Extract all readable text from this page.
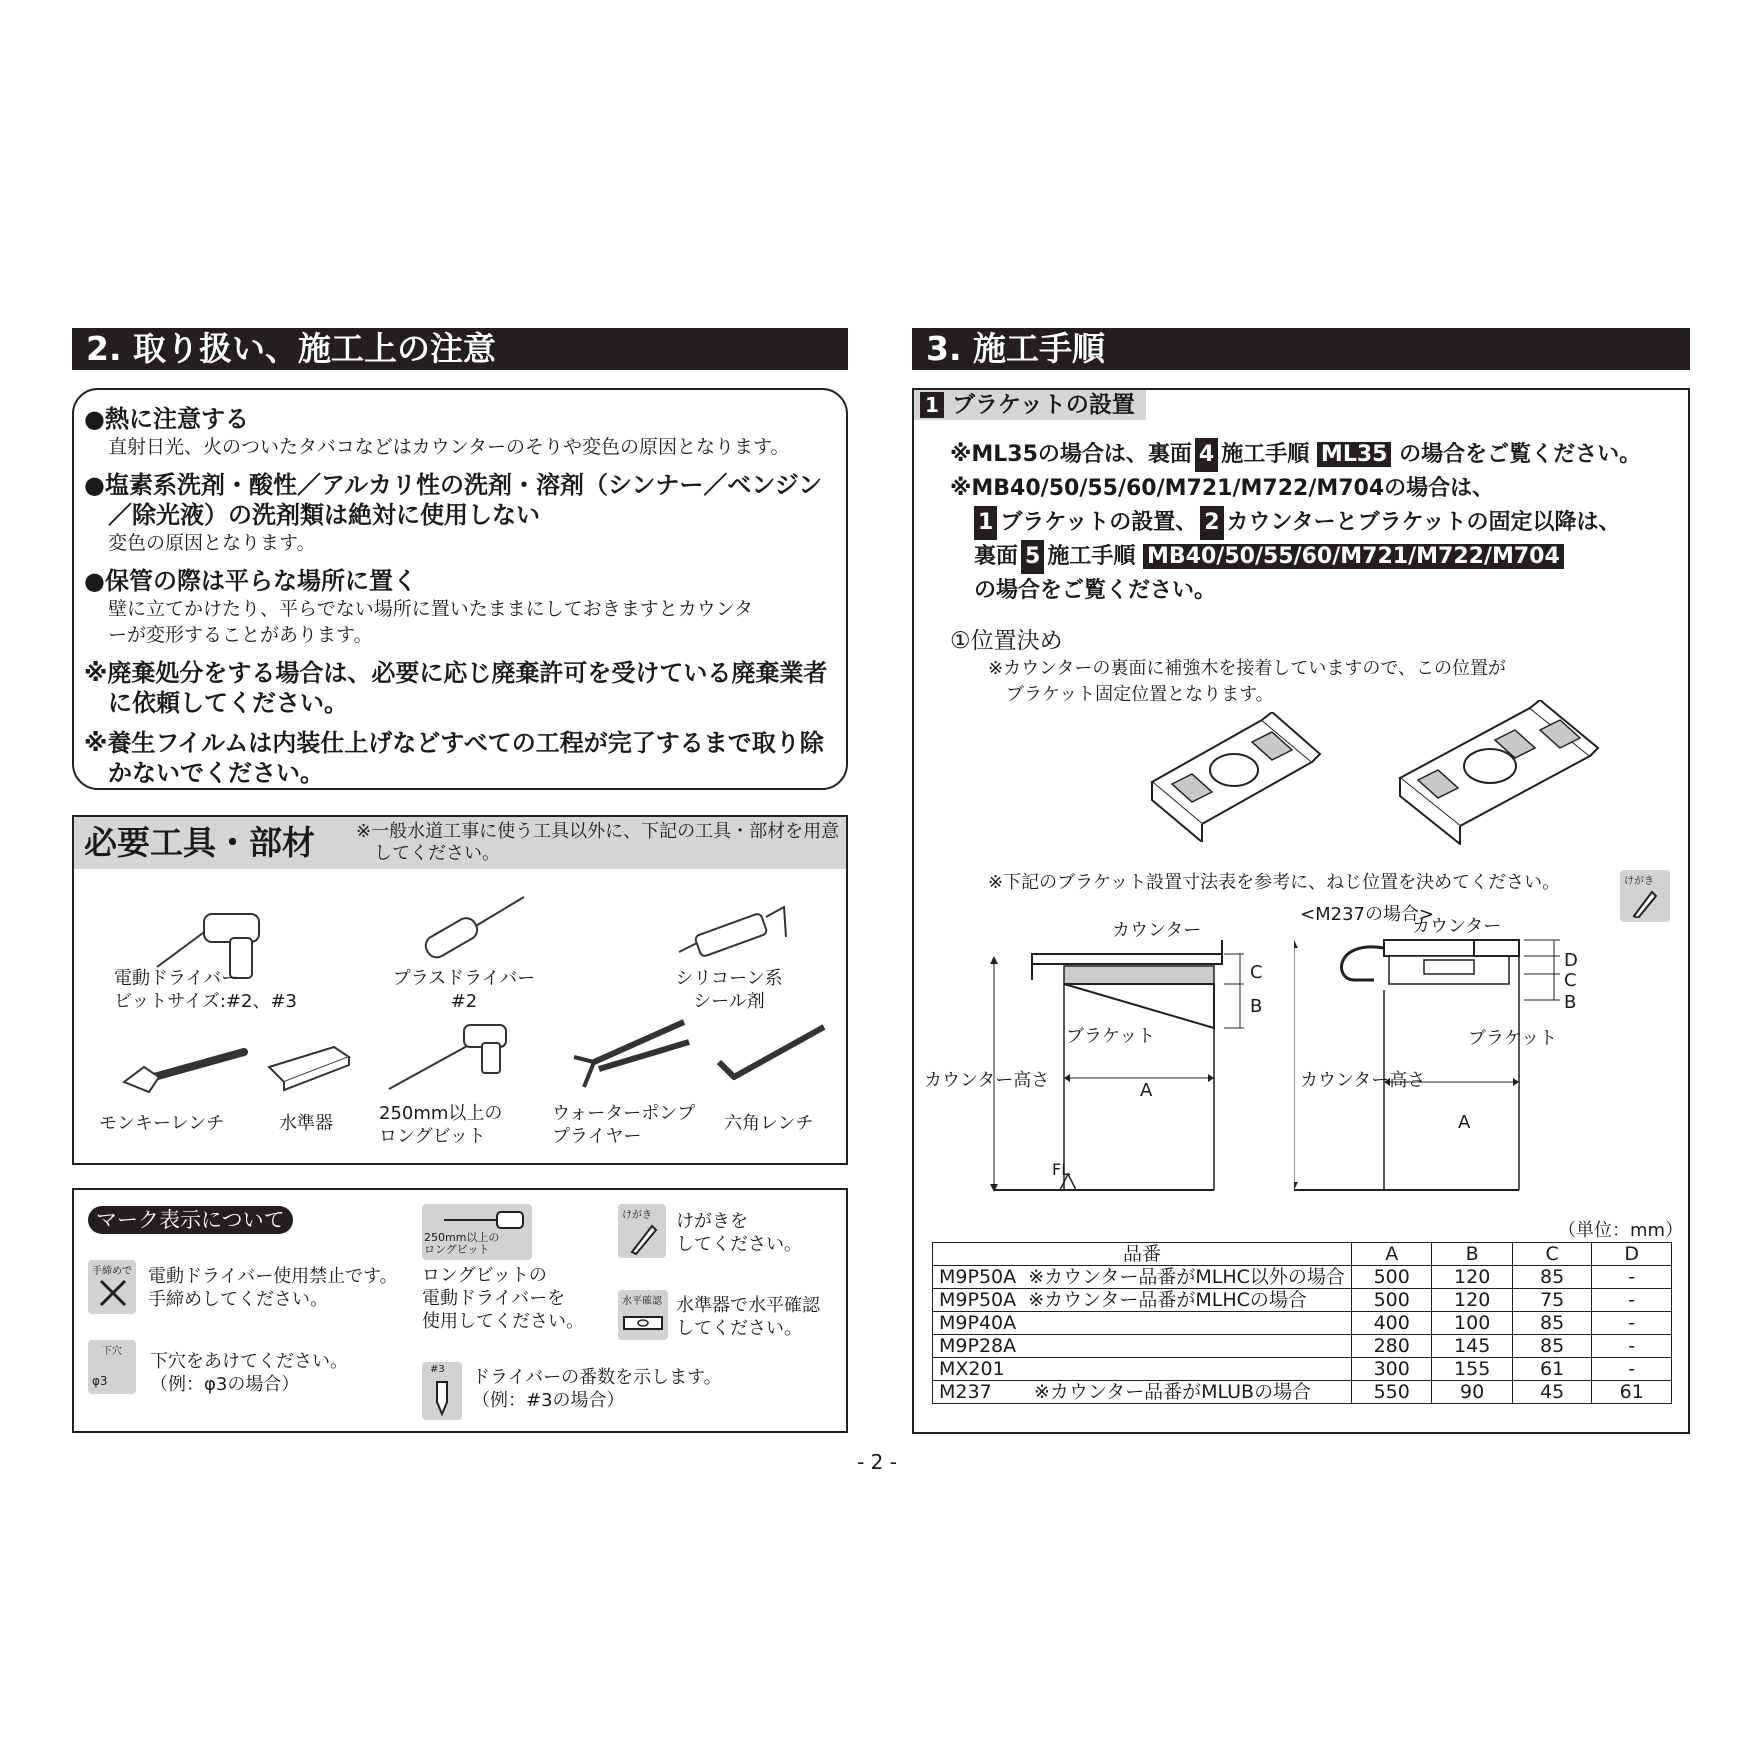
2. 取り扱い、施工上の注意
●熱に注意する
直射日光、火のついたタバコなどはカウンターのそりや変色の原因となります。
●塩素系洗剤・酸性／アルカリ性の洗剤・溶剤（シンナー／ベンジン
／除光液）の洗剤類は絶対に使用しない
変色の原因となります。
●保管の際は平らな場所に置く
壁に立てかけたり、平らでない場所に置いたままにしておきますとカウンタ
ーが変形することがあります。
※廃棄処分をする場合は、必要に応じ廃棄許可を受けている廃棄業者
に依頼してください。
※養生フイルムは内装仕上げなどすべての工程が完了するまで取り除
かないでください。
必要工具・部材 ※一般水道工事に使う工具以外に、下記の工具・部材を用意
してください。
電動ドライバー
ビットサイズ:#2、#3
プラスドライバー
#2
シリコーン系
シール剤
モンキーレンチ	水準器	250mm以上の
ロングビット
ウォーターポンプ
プライヤー
六角レンチ
マーク表示について
手締めで 電動ドライバー使用禁止です。
手締めしてください。
下穴
φ3
下穴をあけてください。
（例：φ3の場合）
250mm以上の
ロングビット
ロングビットの
電動ドライバーを
使用してください。
#3 ドライバーの番数を示します。
（例：#3の場合）
けがき けがきを
してください。
水平確認 水準器で水平確認
してください。
3. 施工手順
1 ブラケットの設置
※ML35の場合は、裏面 4 施工手順 ML35 の場合をご覧ください。
※MB40/50/55/60/M721/M722/M704の場合は、
1 ブラケットの設置、 2 カウンターとブラケットの固定以降は、
裏面 5 施工手順 MB40/50/55/60/M721/M722/M704
の場合をご覧ください。
①位置決め
※カウンターの裏面に補強木を接着していますので、この位置が
ブラケット固定位置となります。
※下記のブラケット設置寸法表を参考に、ねじ位置を決めてください。	けがき
<M237の場合>
カウンター
ブラケット
カウンター高さ	A
C
B
FL
カウンター
ブラケット
カウンター高さ
A
D
C
B
（単位：mm）
品番	A	B	C	D
M9P50A ※カウンター品番がMLHC以外の場合	500	120	85	-
M9P50A ※カウンター品番がMLHCの場合	500	120	75	-
M9P40A	400	100	85	-
M9P28A	280	145	85	-
MX201	300	155	61	-
M237 ※カウンター品番がMLUBの場合	550	90	45	61
- 2 -
